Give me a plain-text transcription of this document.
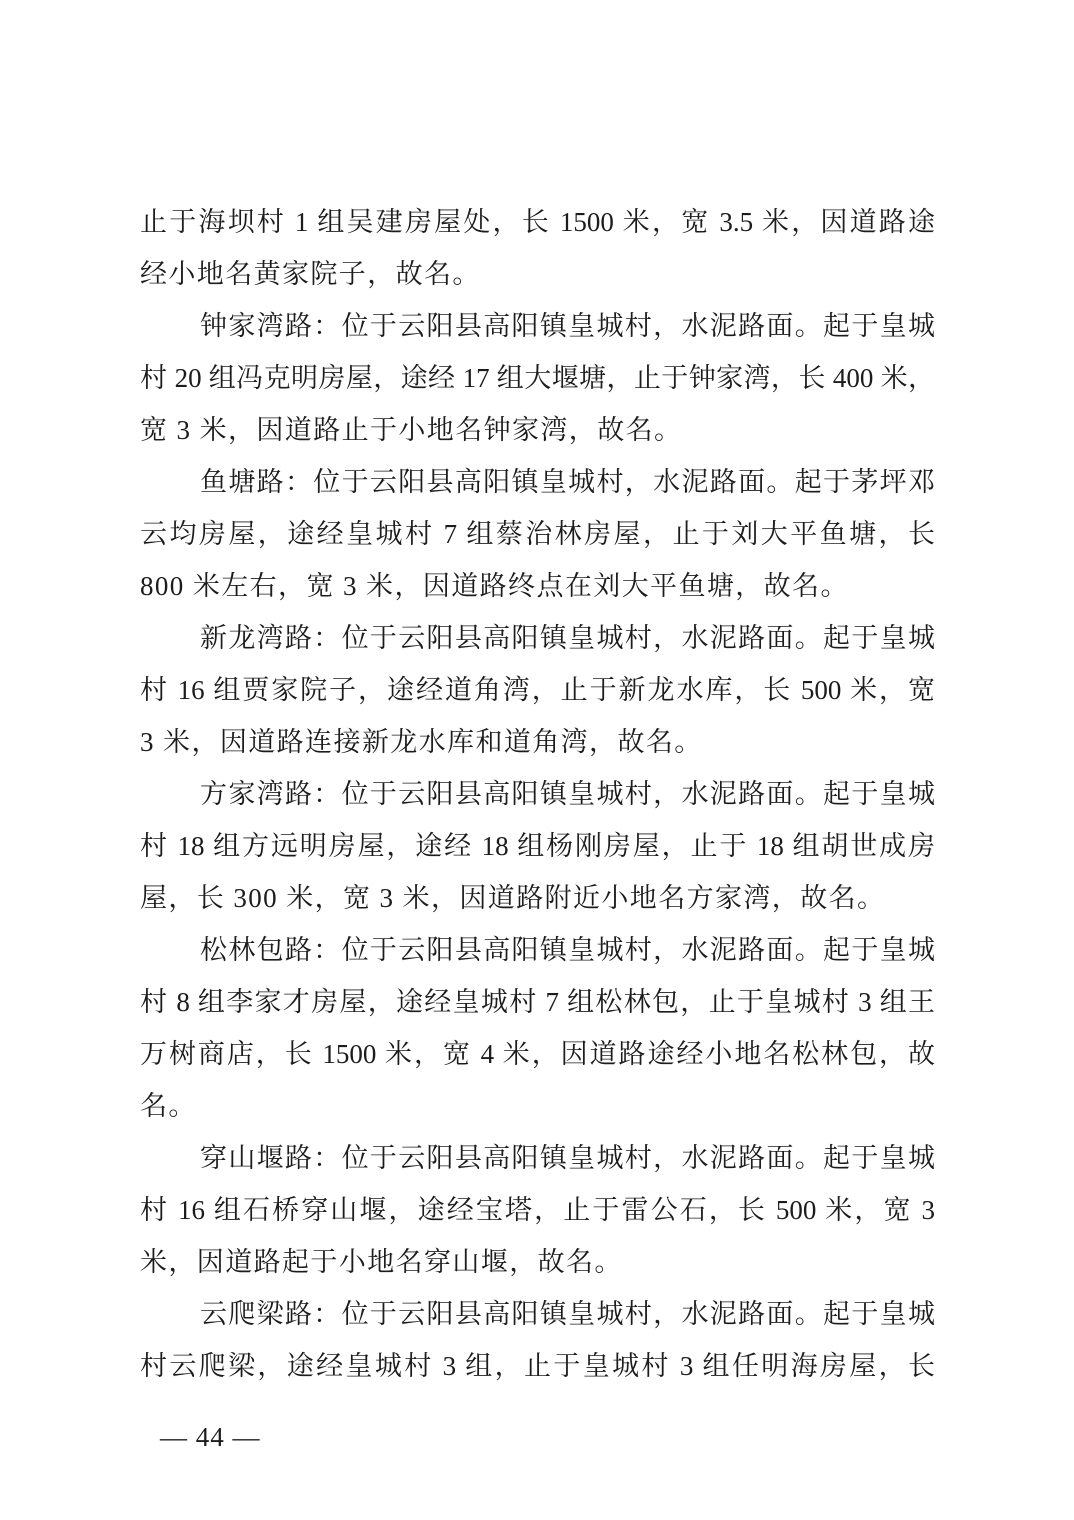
止于海坝村 1 组吴建房屋处，长 1500 米，宽 3.5 米，因道路途
经小地名黄家院子，故名。
钟家湾路：位于云阳县高阳镇皇城村，水泥路面。起于皇城
村 20 组冯克明房屋，途经 17 组大堰塘，止于钟家湾，长 400 米，
宽 3 米，因道路止于小地名钟家湾，故名。
鱼塘路：位于云阳县高阳镇皇城村，水泥路面。起于茅坪邓
云均房屋，途经皇城村 7 组蔡治林房屋，止于刘大平鱼塘，长
800 米左右，宽 3 米，因道路终点在刘大平鱼塘，故名。
新龙湾路：位于云阳县高阳镇皇城村，水泥路面。起于皇城
村 16 组贾家院子，途经道角湾，止于新龙水库，长 500 米，宽
3 米，因道路连接新龙水库和道角湾，故名。
方家湾路：位于云阳县高阳镇皇城村，水泥路面。起于皇城
村 18 组方远明房屋，途经 18 组杨刚房屋，止于 18 组胡世成房
屋，长 300 米，宽 3 米，因道路附近小地名方家湾，故名。
松林包路：位于云阳县高阳镇皇城村，水泥路面。起于皇城
村 8 组李家才房屋，途经皇城村 7 组松林包，止于皇城村 3 组王
万树商店，长 1500 米，宽 4 米，因道路途经小地名松林包，故
名。
穿山堰路：位于云阳县高阳镇皇城村，水泥路面。起于皇城
村 16 组石桥穿山堰，途经宝塔，止于雷公石，长 500 米，宽 3
米，因道路起于小地名穿山堰，故名。
云爬梁路：位于云阳县高阳镇皇城村，水泥路面。起于皇城
村云爬梁，途经皇城村 3 组，止于皇城村 3 组任明海房屋，长
— 44 —
